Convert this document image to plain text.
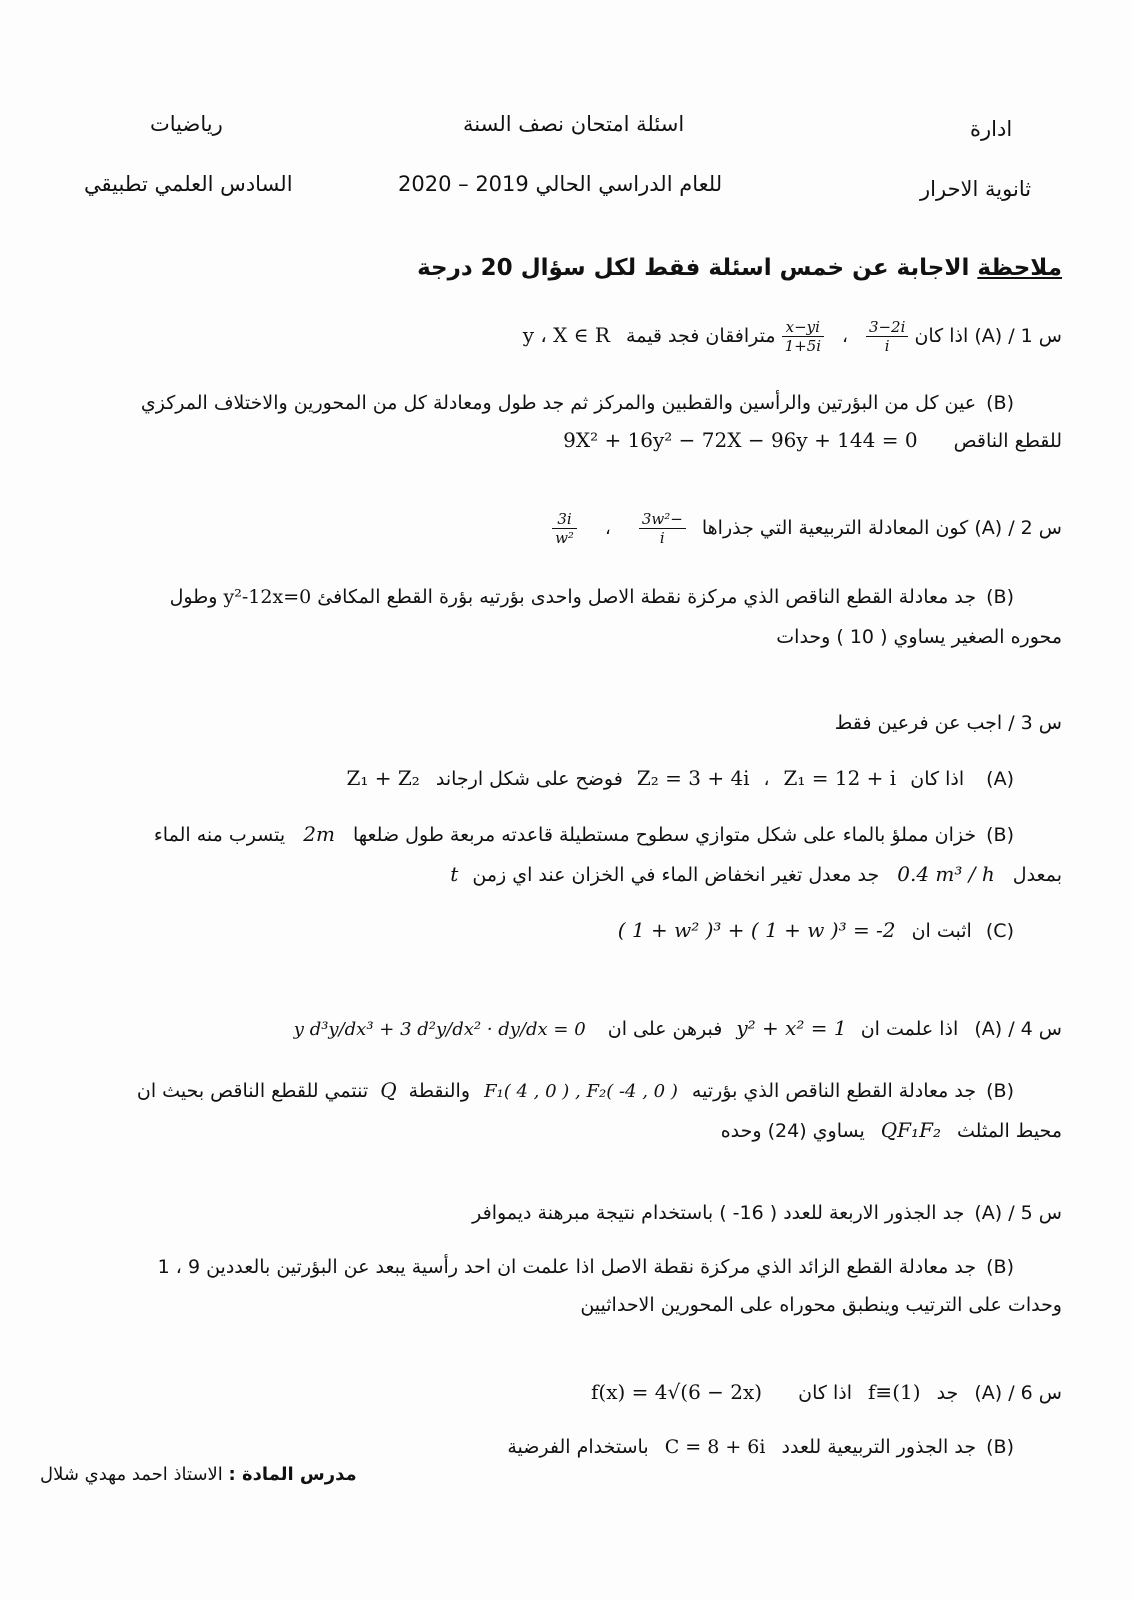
رياضيات
السادس العلمي تطبيقي
اسئلة امتحان نصف السنة
للعام الدراسي الحالي 2019 – 2020
ادارة
ثانوية الاحرار
ملاحظة الاجابة عن خمس اسئلة فقط لكل سؤال 20 درجة
س 1 / (A) اذا كان
$\frac{3-2i}{i}$
،
$\frac{x-yi}{1+5i}$
مترافقان فجد قيمة y ، X ∈ R
(B)عين كل من البؤرتين والرأسين والقطبين والمركز ثم جد طول ومعادلة كل من المحورين والاختلاف المركزي
للقطع الناقص 9X² + 16y² − 72X − 96y + 144 = 0
س 2 / (A) كون المعادلة التربيعية التي جذراها
$\frac{\text{−3w²}}{i}$
،
$\frac{3i}{\text{w²}}$
(B)جد معادلة القطع الناقص الذي مركزة نقطة الاصل واحدى بؤرتيه بؤرة القطع المكافئ y²-12x=0 وطول
محوره الصغير يساوي ( 10 ) وحدات
س 3 / اجب عن فرعين فقط
(A) اذا كان Z₁ = 12 + i ، Z₂ = 3 + 4i فوضح على شكل ارجاند Z₁ + Z₂
(B)خزان مملؤ بالماء على شكل متوازي سطوح مستطيلة قاعدته مربعة طول ضلعها 2m يتسرب منه الماء
بمعدل 0.4 m³ / h جد معدل تغير انخفاض الماء في الخزان عند اي زمن t
(C) اثبت ان ( 1 + w² )³ + ( 1 + w )³ = -2
س 4 / (A) اذا علمت ان y² + x² = 1 فبرهن على ان y d³y/dx³ + 3 d²y/dx² · dy/dx = 0
(B)جد معادلة القطع الناقص الذي بؤرتيه F₁( 4 , 0 ) , F₂( -4 , 0 ) والنقطة Q تنتمي للقطع الناقص بحيث ان
محيط المثلث QF₁F₂ يساوي (24) وحده
س 5 / (A)جد الجذور الاربعة للعدد ( 16- ) باستخدام نتيجة مبرهنة ديموافر
(B)جد معادلة القطع الزائد الذي مركزة نقطة الاصل اذا علمت ان احد رأسية يبعد عن البؤرتين بالعددين 9 ، 1
وحدات على الترتيب وينطبق محوراه على المحورين الاحداثيين
س 6 / (A) جد f≡(1) اذا كان f(x) = 4√(6 − 2x)
(B)جد الجذور التربيعية للعدد C = 8 + 6i باستخدام الفرضية
مدرس المادة : الاستاذ احمد مهدي شلال
